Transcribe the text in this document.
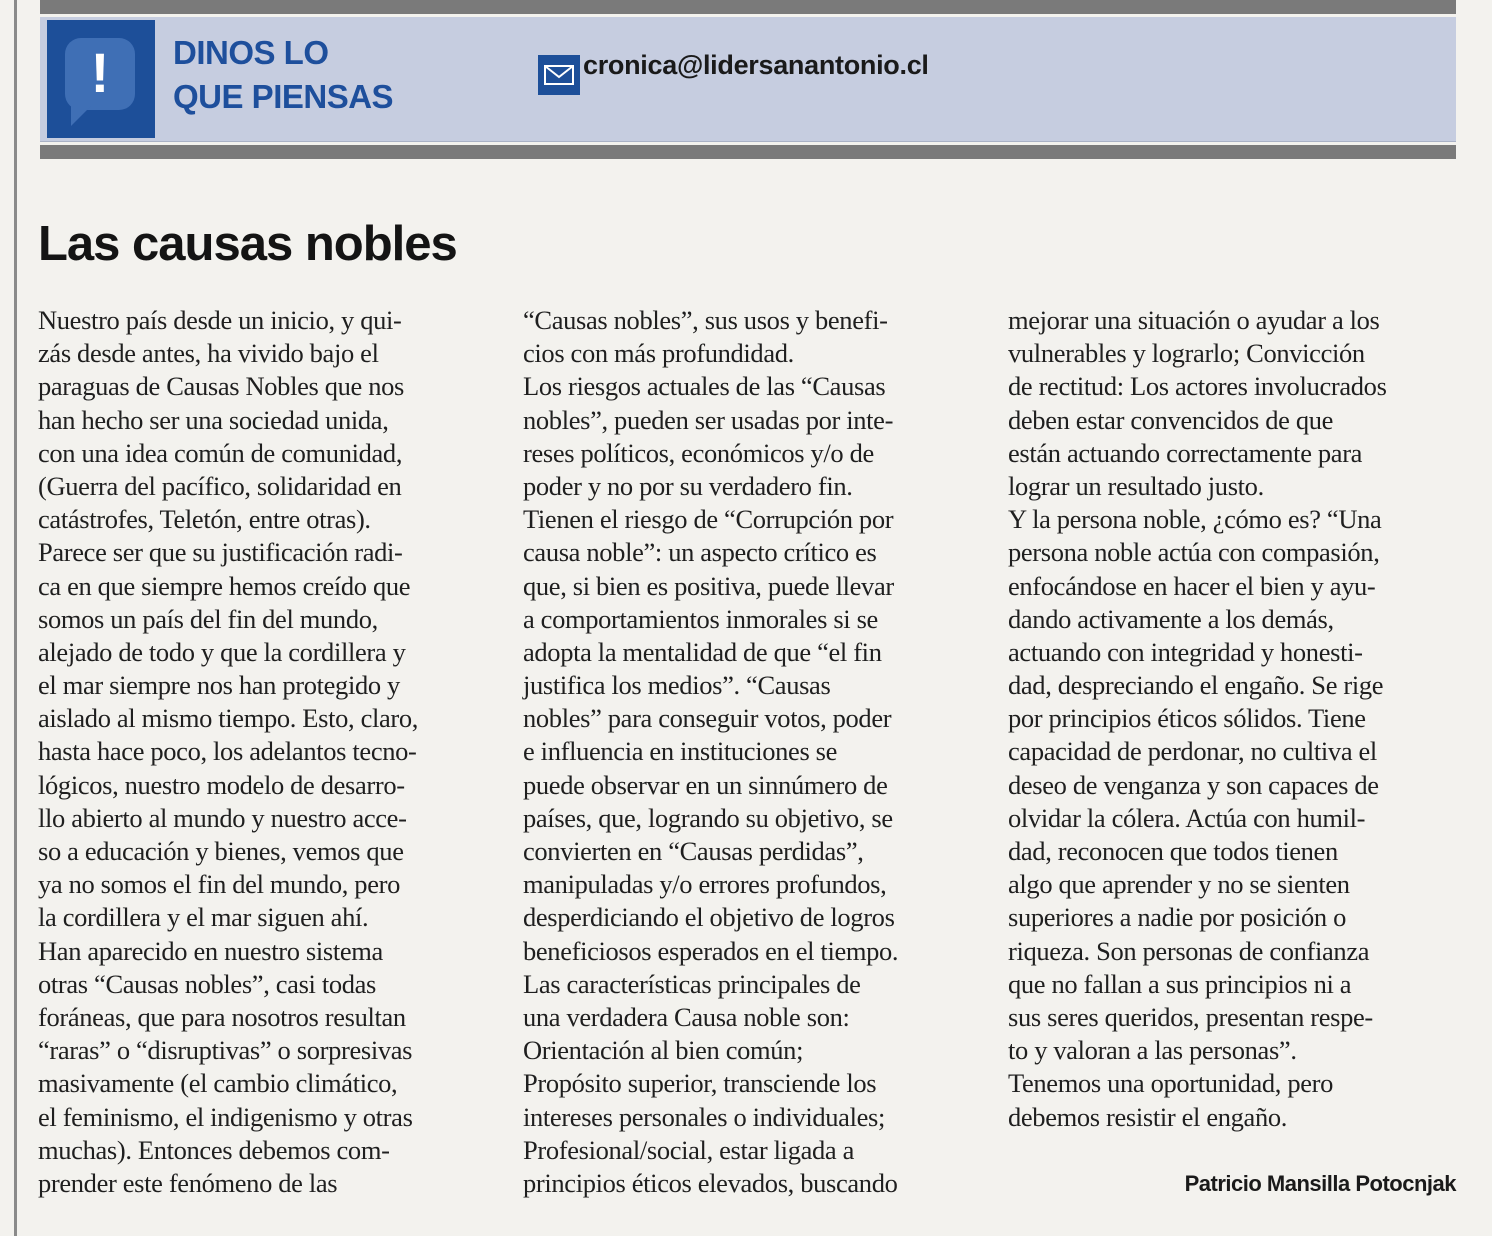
!	DINOS LO
QUE PIENSAS
cronica@lidersanantonio.cl
Las causas nobles
Nuestro país desde un inicio, y qui-
zás desde antes, ha vivido bajo el
paraguas de Causas Nobles que nos
han hecho ser una sociedad unida,
con una idea común de comunidad,
(Guerra del pacífico, solidaridad en
catástrofes, Teletón, entre otras).
Parece ser que su justificación radi-
ca en que siempre hemos creído que
somos un país del fin del mundo,
alejado de todo y que la cordillera y
el mar siempre nos han protegido y
aislado al mismo tiempo. Esto, claro,
hasta hace poco, los adelantos tecno-
lógicos, nuestro modelo de desarro-
llo abierto al mundo y nuestro acce-
so a educación y bienes, vemos que
ya no somos el fin del mundo, pero
la cordillera y el mar siguen ahí.
Han aparecido en nuestro sistema
otras “Causas nobles”, casi todas
foráneas, que para nosotros resultan
“raras” o “disruptivas” o sorpresivas
masivamente (el cambio climático,
el feminismo, el indigenismo y otras
muchas). Entonces debemos com-
prender este fenómeno de las
“Causas nobles”, sus usos y benefi-
cios con más profundidad.
Los riesgos actuales de las “Causas
nobles”, pueden ser usadas por inte-
reses políticos, económicos y/o de
poder y no por su verdadero fin.
Tienen el riesgo de “Corrupción por
causa noble”: un aspecto crítico es
que, si bien es positiva, puede llevar
a comportamientos inmorales si se
adopta la mentalidad de que “el fin
justifica los medios”. “Causas
nobles” para conseguir votos, poder
e influencia en instituciones se
puede observar en un sinnúmero de
países, que, logrando su objetivo, se
convierten en “Causas perdidas”,
manipuladas y/o errores profundos,
desperdiciando el objetivo de logros
beneficiosos esperados en el tiempo.
Las características principales de
una verdadera Causa noble son:
Orientación al bien común;
Propósito superior, transciende los
intereses personales o individuales;
Profesional/social, estar ligada a
principios éticos elevados, buscando
mejorar una situación o ayudar a los
vulnerables y lograrlo; Convicción
de rectitud: Los actores involucrados
deben estar convencidos de que
están actuando correctamente para
lograr un resultado justo.
Y la persona noble, ¿cómo es? “Una
persona noble actúa con compasión,
enfocándose en hacer el bien y ayu-
dando activamente a los demás,
actuando con integridad y honesti-
dad, despreciando el engaño. Se rige
por principios éticos sólidos. Tiene
capacidad de perdonar, no cultiva el
deseo de venganza y son capaces de
olvidar la cólera. Actúa con humil-
dad, reconocen que todos tienen
algo que aprender y no se sienten
superiores a nadie por posición o
riqueza. Son personas de confianza
que no fallan a sus principios ni a
sus seres queridos, presentan respe-
to y valoran a las personas”.
Tenemos una oportunidad, pero
debemos resistir el engaño.
Patricio Mansilla Potocnjak
